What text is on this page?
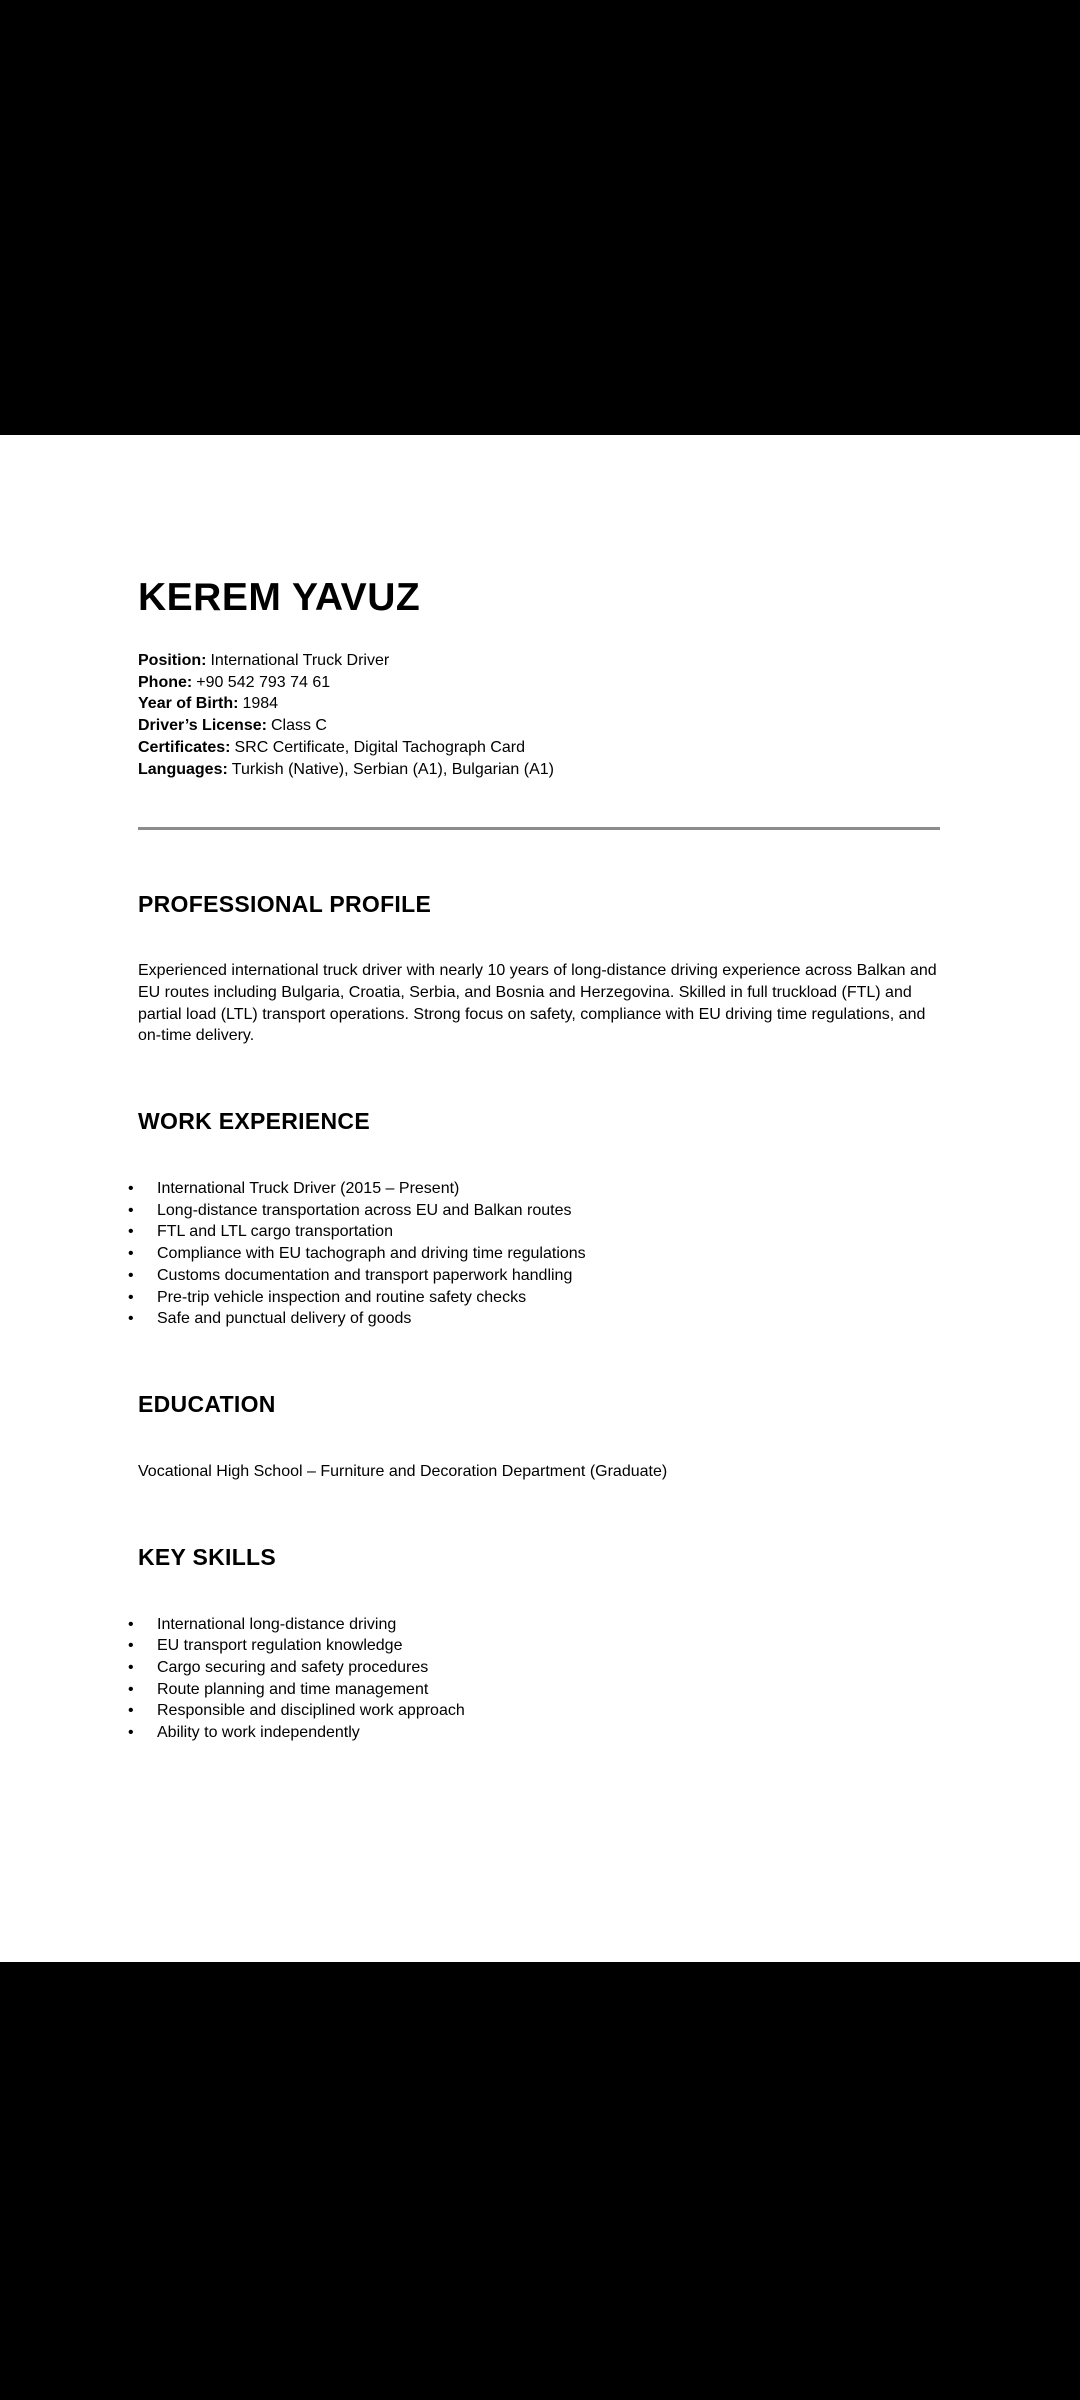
KEREM YAVUZ
Position: International Truck Driver
Phone: +90 542 793 74 61
Year of Birth: 1984
Driver’s License: Class C
Certificates: SRC Certificate, Digital Tachograph Card
Languages: Turkish (Native), Serbian (A1), Bulgarian (A1)
PROFESSIONAL PROFILE

Experienced international truck driver with nearly 10 years of long-distance driving experience across Balkan and EU routes including Bulgaria, Croatia, Serbia, and Bosnia and Herzegovina. Skilled in full truckload (FTL) and partial load (LTL) transport operations. Strong focus on safety, compliance with EU driving time regulations, and on-time delivery.

WORK EXPERIENCE
• International Truck Driver (2015 – Present)
• Long-distance transportation across EU and Balkan routes
• FTL and LTL cargo transportation
• Compliance with EU tachograph and driving time regulations
• Customs documentation and transport paperwork handling
• Pre-trip vehicle inspection and routine safety checks
• Safe and punctual delivery of goods
EDUCATION

Vocational High School – Furniture and Decoration Department (Graduate)

KEY SKILLS
• International long-distance driving
• EU transport regulation knowledge
• Cargo securing and safety procedures
• Route planning and time management
• Responsible and disciplined work approach
• Ability to work independently
